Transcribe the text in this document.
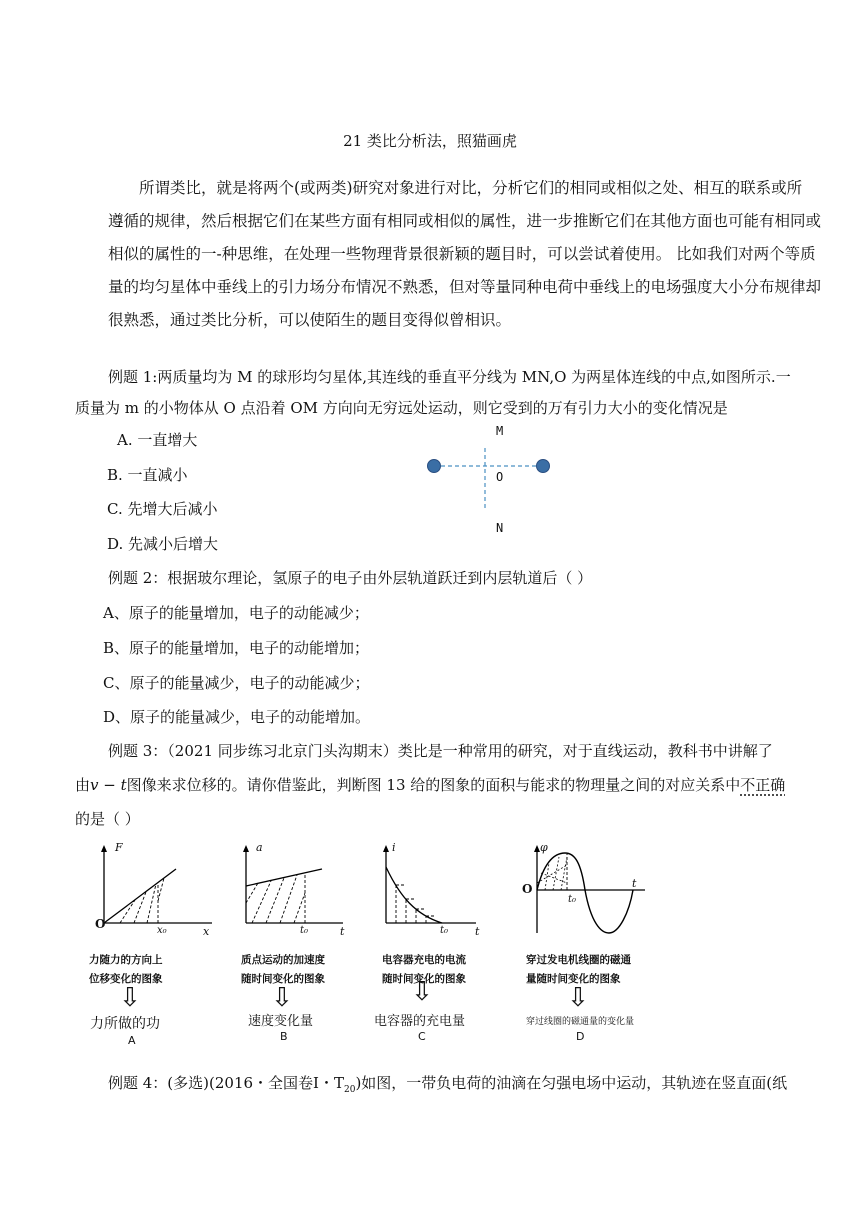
21 类比分析法，照猫画虎
所谓类比，就是将两个(或两类)研究对象进行对比，分析它们的相同或相似之处、相互的联系或所
遵循的规律，然后根据它们在某些方面有相同或相似的属性，进一步推断它们在其他方面也可能有相同或
相似的属性的一-种思维，在处理一些物理背景很新颖的题目时，可以尝试着使用。 比如我们对两个等质
量的均匀星体中垂线上的引力场分布情况不熟悉，但对等量同种电荷中垂线上的电场强度大小分布规律却
很熟悉，通过类比分析，可以使陌生的题目变得似曾相识。
例题 1:两质量均为 M 的球形均匀星体,其连线的垂直平分线为 MN,O 为两星体连线的中点,如图所示.一
质量为 m 的小物体从 O 点沿着 OM 方向向无穷远处运动，则它受到的万有引力大小的变化情况是
A. 一直增大
B. 一直减小
C. 先增大后减小
D. 先减小后增大
M
O
N
例题 2：根据玻尔理论，氢原子的电子由外层轨道跃迁到内层轨道后（ ）
A、原子的能量增加，电子的动能减少；
B、原子的能量增加，电子的动能增加；
C、原子的能量减少，电子的动能减少；
D、原子的能量减少，电子的动能增加。
例题 3：（2021 同步练习北京门头沟期末）类比是一种常用的研究，对于直线运动，教科书中讲解了
由v − t图像来求位移的。请你借鉴此，判断图 13 给的图象的面积与能求的物理量之间的对应关系中不正确
的是（ ）
F
O	x₀	x
a
t₀	t
i
t₀ t
φ
O
t₀
t
力随力的方向上
位移变化的图象
质点运动的加速度
随时间变化的图象
电容器充电的电流
随时间变化的图象
穿过发电机线圈的磁通
量随时间变化的图象
⇩	⇩	⇩	⇩
力所做的功
A
速度变化量
B
电容器的充电量
C
穿过线圈的磁通量的变化量
D
例题 4：(多选)(2016・全国卷Ⅰ・$T_{20}$)如图，一带负电荷的油滴在匀强电场中运动，其轨迹在竖直面(纸
